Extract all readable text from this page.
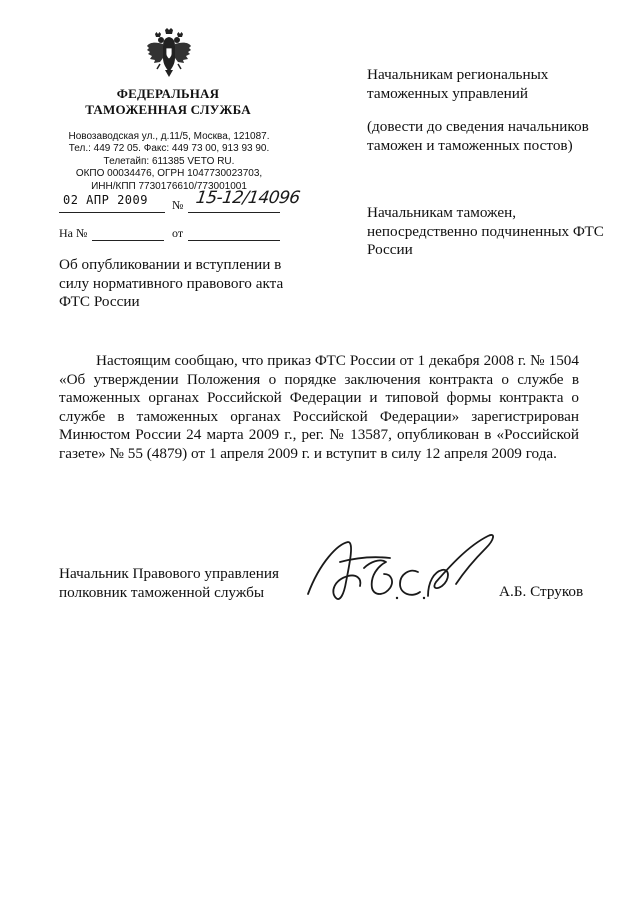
ФЕДЕРАЛЬНАЯ
ТАМОЖЕННАЯ СЛУЖБА
Новозаводская ул., д.11/5, Москва, 121087.
Тел.: 449 72 05. Факс: 449 73 00, 913 93 90.
Телетайп: 611385 VETO RU.
ОКПО 00034476, ОГРН 1047730023703,
ИНН/КПП 7730176610/773001001
02 АПР 2009 № 15-12/14096
На №	от
Начальникам региональных таможенных управлений
(довести до сведения начальников таможен и таможенных постов)
Начальникам таможен, непосредственно подчиненных ФТС России
Об опубликовании и вступлении в силу нормативного правового акта ФТС России
Настоящим сообщаю, что приказ ФТС России от 1 декабря 2008 г. № 1504 «Об утверждении Положения о порядке заключения контракта о службе в таможенных органах Российской Федерации и типовой формы контракта о службе в таможенных органах Российской Федерации» зарегистрирован Минюстом России 24 марта 2009 г., рег. № 13587, опубликован в «Российской газете» № 55 (4879) от 1 апреля 2009 г. и вступит в силу 12 апреля 2009 года.
Начальник Правового управления
полковник таможенной службы	А.Б. Струков
